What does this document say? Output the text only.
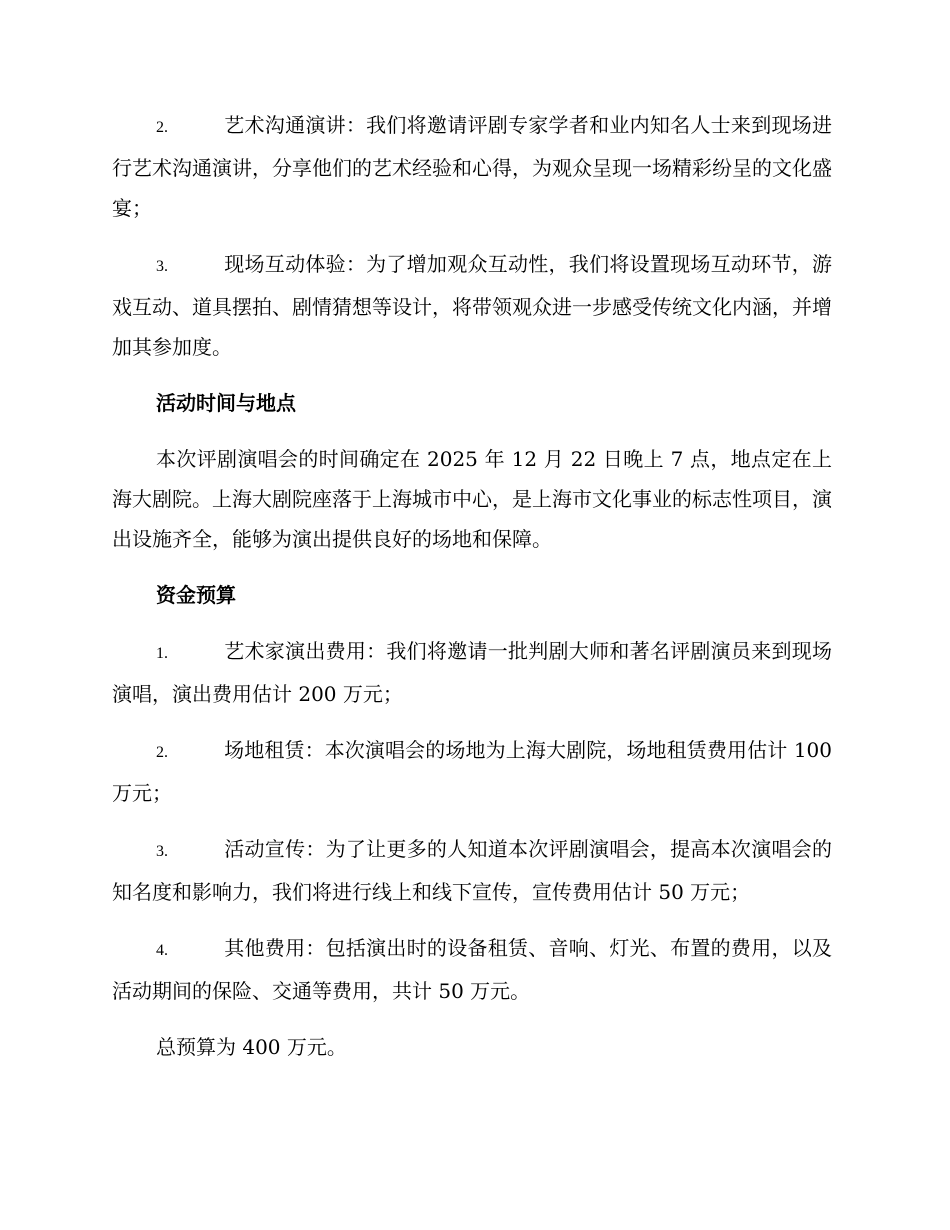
2.	艺术沟通演讲：我们将邀请评剧专家学者和业内知名人士来到现场进行艺术沟通演讲，分享他们的艺术经验和心得，为观众呈现一场精彩纷呈的文化盛宴；

3.	现场互动体验：为了增加观众互动性，我们将设置现场互动环节，游戏互动、道具摆拍、剧情猜想等设计，将带领观众进一步感受传统文化内涵，并增加其参加度。

活动时间与地点

本次评剧演唱会的时间确定在 2025 年 12 月 22 日晚上 7 点，地点定在上海大剧院。上海大剧院座落于上海城市中心，是上海市文化事业的标志性项目，演出设施齐全，能够为演出提供良好的场地和保障。

资金预算

1.	艺术家演出费用：我们将邀请一批判剧大师和著名评剧演员来到现场演唱，演出费用估计 200 万元；

2.	场地租赁：本次演唱会的场地为上海大剧院，场地租赁费用估计 100 万元；

3.	活动宣传：为了让更多的人知道本次评剧演唱会，提高本次演唱会的知名度和影响力，我们将进行线上和线下宣传，宣传费用估计 50 万元；

4.	其他费用：包括演出时的设备租赁、音响、灯光、布置的费用，以及活动期间的保险、交通等费用，共计 50 万元。

总预算为 400 万元。
